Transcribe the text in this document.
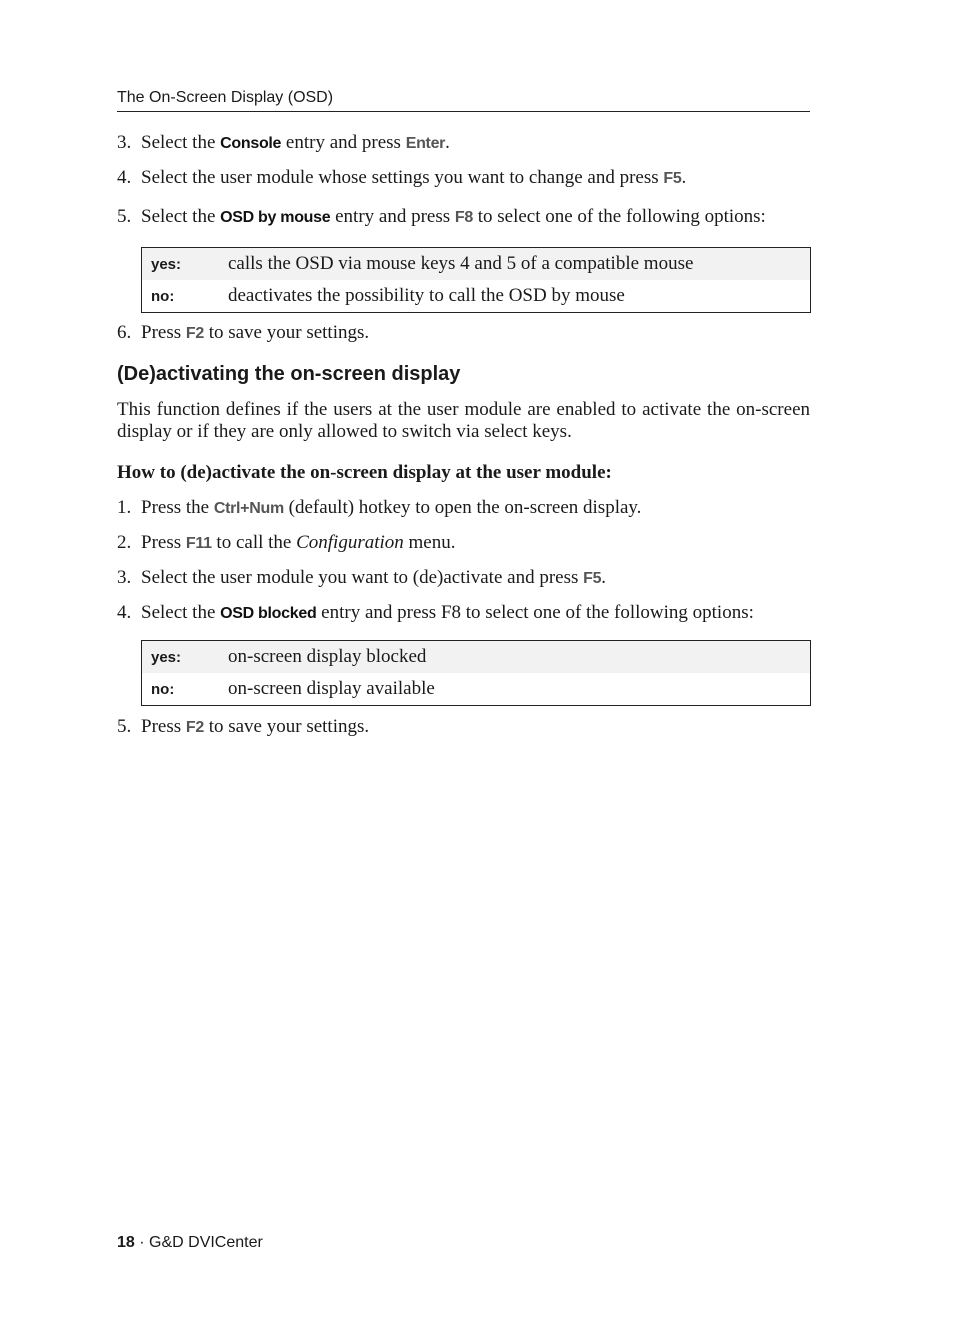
The On-Screen Display (OSD)
3. Select the Console entry and press Enter.
4. Select the user module whose settings you want to change and press F5.
5. Select the OSD by mouse entry and press F8 to select one of the following options:
yes:	calls the OSD via mouse keys 4 and 5 of a compatible mouse
no:	deactivates the possibility to call the OSD by mouse
6. Press F2 to save your settings.
(De)activating the on-screen display
This function defines if the users at the user module are enabled to activate the on-screen display or if they are only allowed to switch via select keys.
How to (de)activate the on-screen display at the user module:
1. Press the Ctrl+Num (default) hotkey to open the on-screen display.
2. Press F11 to call the Configuration menu.
3. Select the user module you want to (de)activate and press F5.
4. Select the OSD blocked entry and press F8 to select one of the following options:
yes:	on-screen display blocked
no:	on-screen display available
5. Press F2 to save your settings.
18 · G&D DVICenter
